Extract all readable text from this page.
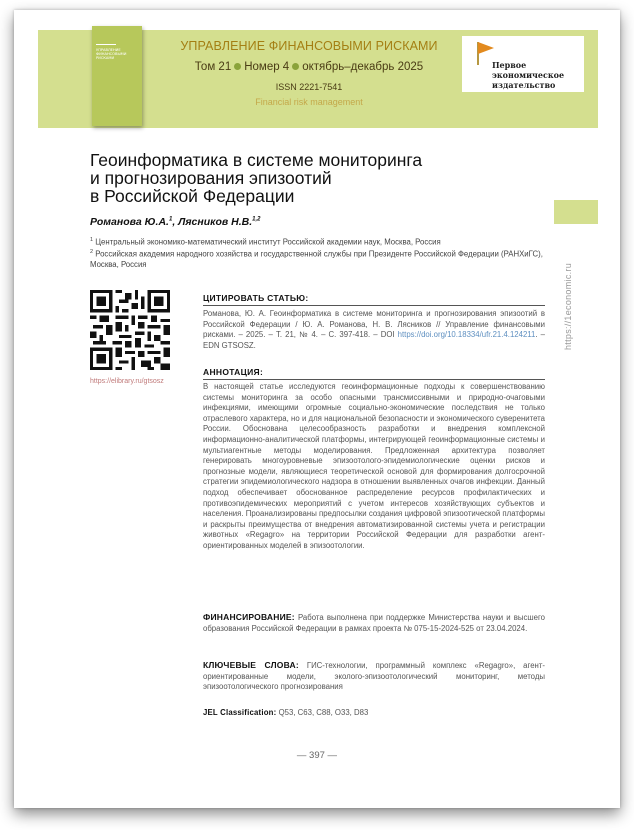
УПРАВЛЕНИЕ ФИНАНСОВЫМИ РИСКАМИ
УПРАВЛЕНИЕ ФИНАНСОВЫМИ РИСКАМИ
Том 21 Номер 4 октябрь–декабрь 2025
ISSN 2221-7541
Financial risk management
Первое
экономическое
издательство
https://1economic.ru
Геоинформатика в системе мониторинга
и прогнозирования эпизоотий
в Российской Федерации
Романова Ю.А.$^1$, Лясников Н.В.$^{1,2}$
$^1$ Центральный экономико-математический институт Российской академии наук, Москва, Россия
$^2$ Российская академия народного хозяйства и государственной службы при Президенте Российской Федерации (РАНХиГС), Москва, Россия
https://elibrary.ru/gtsosz
ЦИТИРОВАТЬ СТАТЬЮ:
Романова, Ю. А. Геоинформатика в системе мониторинга и прогнозирования эпизоотий в Российской Федерации / Ю. А. Романова, Н. В. Лясников // Управление финансовыми рисками. – 2025. – Т. 21, № 4. – С. 397-418. – DOI https://doi.org/10.18334/ufr.21.4.124211. – EDN GTSOSZ.
АННОТАЦИЯ:
В настоящей статье исследуются геоинформационные подходы к совершенствованию системы мониторинга за особо опасными трансмиссивными и природно-очаговыми инфекциями, имеющими огромные социально-экономические последствия не только отраслевого характера, но и для национальной безопасности и экономического суверенитета России. Обоснована целесообразность разработки и внедрения комплексной информационно-аналитической платформы, интегрирующей геоинформационные системы и мультиагентные методы моделирования. Предложенная архитектура позволяет генерировать многоуровневые эпизоотолого-эпидемиологические оценки рисков и прогнозные модели, являющиеся теоретической основой для формирования долгосрочной стратегии эпидемиологического надзора в отношении выявленных очагов инфекции. Данный подход обеспечивает обоснованное распределение ресурсов профилактических и противоэпидемических мероприятий с учетом интересов хозяйствующих субъектов и населения. Проанализированы предпосылки создания цифровой эпизоотической платформы и раскрыты преимущества от внедрения автоматизированной системы учета и регистрации животных «Regagro» на территории Российской Федерации для разработки агент-ориентированных моделей в эпизоотологии.
ФИНАНСИРОВАНИЕ: Работа выполнена при поддержке Министерства науки и высшего образования Российской Федерации в рамках проекта № 075-15-2024-525 от 23.04.2024.
КЛЮЧЕВЫЕ СЛОВА: ГИС-технологии, программный комплекс «Regagro», агент-ориентированные модели, эколого-эпизоотологический мониторинг, методы эпизоотологического прогнозирования
JEL Classification: Q53, C63, C88, O33, D83
— 397 —
